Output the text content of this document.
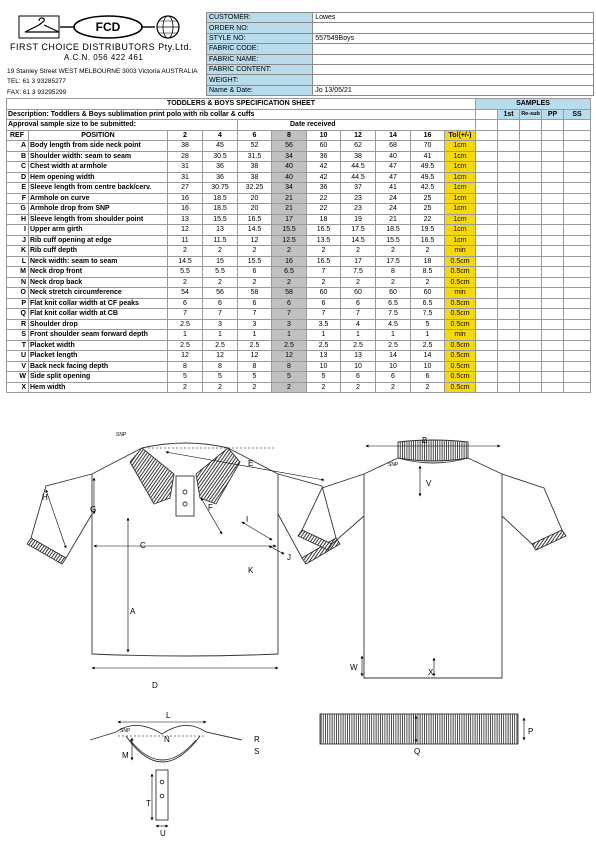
FCD
FIRST CHOICE DISTRIBUTORS Pty.Ltd.
A.C.N. 056 422 461
19 Stanley Street WEST MELBOURNE 3003 Victoria AUSTRALIA
TEL: 61 3 93285277
FAX: 61 3 93295299
CUSTOMER:	Lowes
ORDER NO:	
STYLE NO:	557549Boys
FABRIC CODE:	
FABRIC NAME:	
FABRIC CONTENT:	
WEIGHT:	
Name & Date:	Jo 13/05/21
TODDLERS & BOYS SPECIFICATION SHEET											SAMPLES				
Description: Toddlers & Boys sublimation print polo with rib collar & cuffs												1st	Re-sub	PP	SS
Approval sample size to be submitted:				Date received											
REF	POSITION	2	4	6	8	10	12	14	16	Tol(+/-)					
A	Body length from side neck point	38	45	52	56	60	62	68	70	1cm					
B	Shoulder width: seam to seam	28	30.5	31.5	34	36	38	40	41	1cm					
C	Chest width at armhole	31	36	38	40	42	44.5	47	49.5	1cm					
D	Hem opening width	31	36	38	40	42	44.5	47	49.5	1cm					
E	Sleeve length from centre back/cerv.	27	30.75	32.25	34	36	37	41	42.5	1cm					
F	Armhole on curve	16	18.5	20	21	22	23	24	25	1cm					
G	Armhole drop from SNP	16	18.5	20	21	22	23	24	25	1cm					
H	Sleeve length from shoulder point	13	15.5	16.5	17	18	19	21	22	1cm					
I	Upper arm girth	12	13	14.5	15.5	16.5	17.5	18.5	19.5	1cm					
J	Rib cuff opening at edge	11	11.5	12	12.5	13.5	14.5	15.5	16.5	1cm					
K	Rib cuff depth	2	2	2	2	2	2	2	2	min					
L	Neck width: seam to seam	14.5	15	15.5	16	16.5	17	17.5	18	0.5cm					
M	Neck drop front	5.5	5.5	6	6.5	7	7.5	8	8.5	0.5cm					
N	Neck drop back	2	2	2	2	2	2	2	2	0.5cm					
O	Neck stretch circumference	54	56	58	58	60	60	60	60	min					
P	Flat knit collar width at CF peaks	6	6	6	6	6	6	6.5	6.5	0.5cm					
Q	Flat knit collar width at CB	7	7	7	7	7	7	7.5	7.5	0.5cm					
R	Shoulder drop	2.5	3	3	3	3.5	4	4.5	5	0.5cm					
S	Front shoulder seam forward depth	1	1	1	1	1	1	1	1	min					
T	Placket width	2.5	2.5	2.5	2.5	2.5	2.5	2.5	2.5	0.5cm					
U	Placket length	12	12	12	12	13	13	14	14	0.5cm					
V	Back neck facing depth	8	8	8	8	10	10	10	10	0.5cm					
W	Side split opening	5	5	5	5	5	6	6	6	0.5cm					
X	Hem width	2	2	2	2	2	2	2	2	0.5cm					
SNP
E
H
G	F
I
C
J
K
A
D
B
SNP
V
W
X
L
SNP
N	R
S
M
T
U
P
Q
